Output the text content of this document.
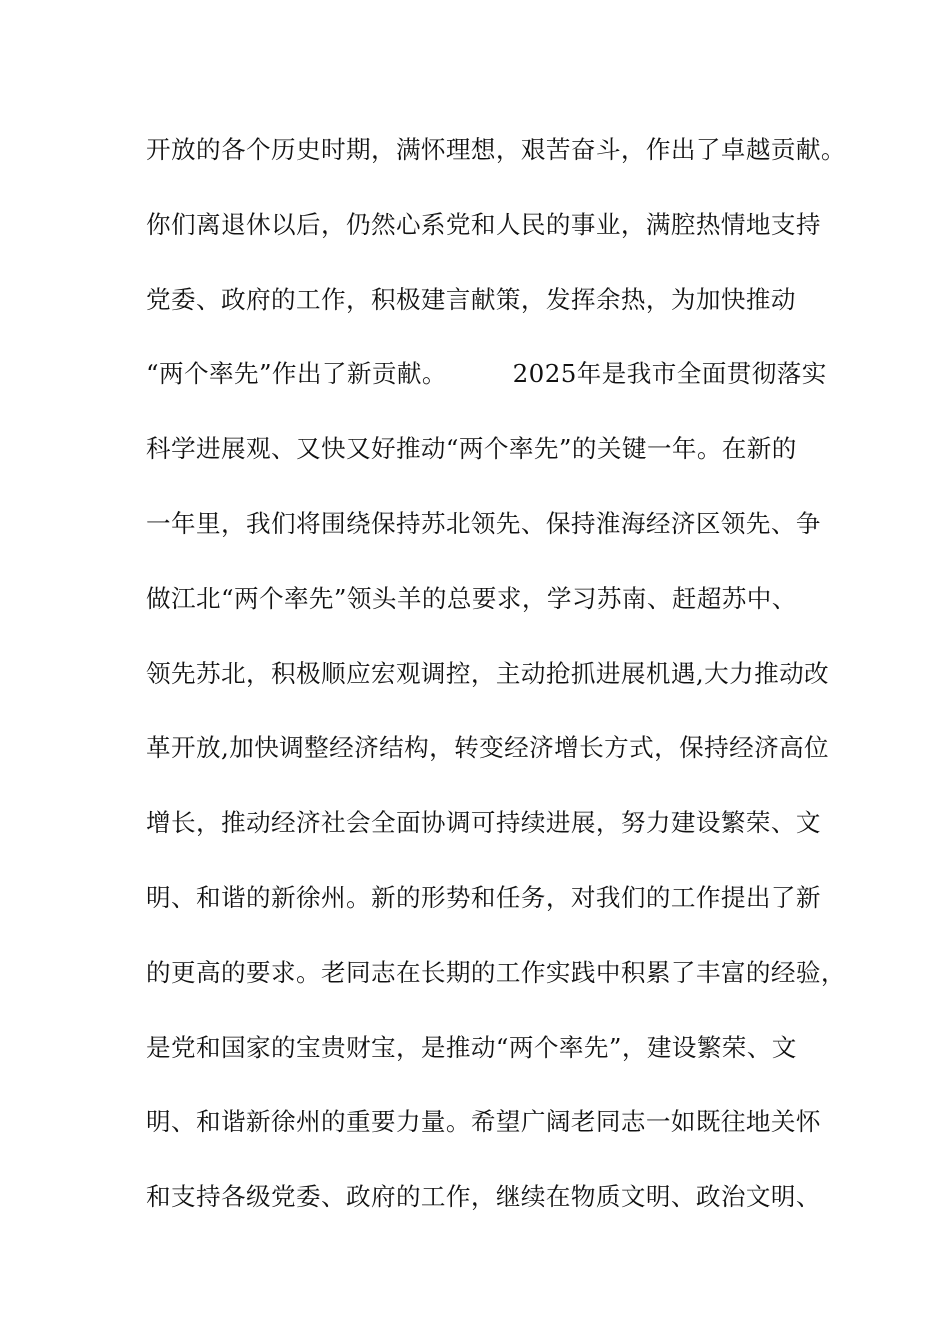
开放的各个历史时期，满怀理想，艰苦奋斗，作出了卓越贡献。
你们离退休以后，仍然心系党和人民的事业，满腔热情地支持
党委、政府的工作，积极建言献策，发挥余热，为加快推动
“两个率先”作出了新贡献。        2025年是我市全面贯彻落实
科学进展观、又快又好推动“两个率先”的关键一年。在新的
一年里，我们将围绕保持苏北领先、保持淮海经济区领先、争
做江北“两个率先”领头羊的总要求，学习苏南、赶超苏中、
领先苏北，积极顺应宏观调控，主动抢抓进展机遇,大力推动改
革开放,加快调整经济结构，转变经济增长方式，保持经济高位
增长，推动经济社会全面协调可持续进展，努力建设繁荣、文
明、和谐的新徐州。新的形势和任务，对我们的工作提出了新
的更高的要求。老同志在长期的工作实践中积累了丰富的经验，
是党和国家的宝贵财宝，是推动“两个率先”，建设繁荣、文
明、和谐新徐州的重要力量。希望广阔老同志一如既往地关怀
和支持各级党委、政府的工作，继续在物质文明、政治文明、
